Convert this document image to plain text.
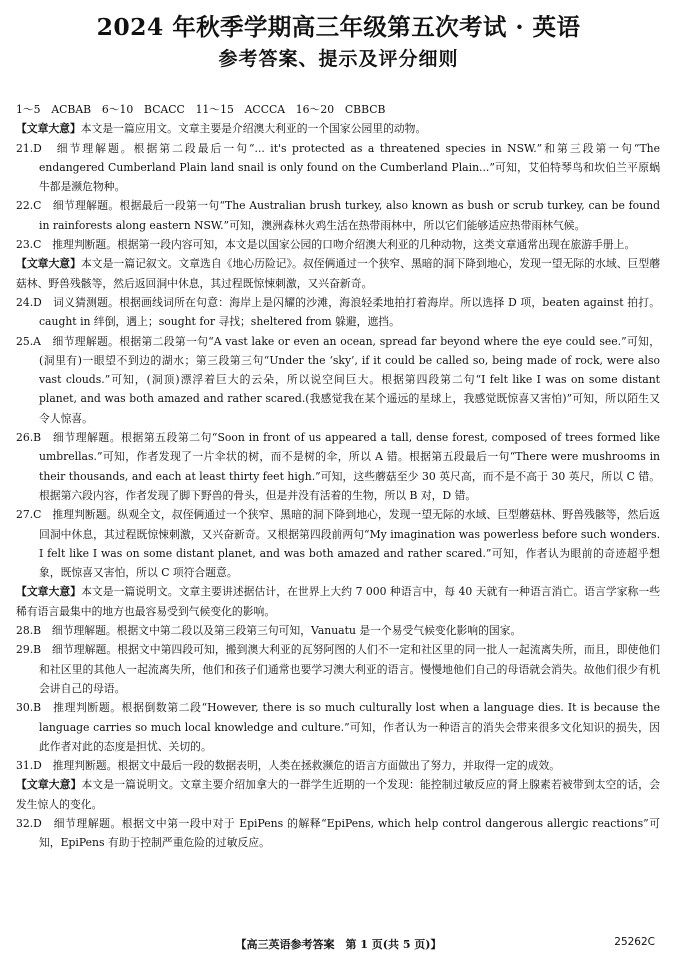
2024 年秋季学期高三年级第五次考试 · 英语
参考答案、提示及评分细则

1～5　ACBAB　6～10　BCACC　11～15　ACCCA　16～20　CBBCB

【文章大意】本文是一篇应用文。文章主要是介绍澳大利亚的一个国家公园里的动物。

21.D　 细节理解题。根据第二段最后一句“... it's protected as a threatened species in NSW.”和第三段第一句“The endangered Cumberland Plain land snail is only found on the Cumberland Plain...”可知，艾伯特琴鸟和坎伯兰平原蜗牛都是濒危物种。

22.C　 细节理解题。根据最后一段第一句“The Australian brush turkey, also known as bush or scrub turkey, can be found in rainforests along eastern NSW.”可知，澳洲森林火鸡生活在热带雨林中，所以它们能够适应热带雨林气候。

23.C　 推理判断题。根据第一段内容可知，本文是以国家公园的口吻介绍澳大利亚的几种动物，这类文章通常出现在旅游手册上。

【文章大意】本文是一篇记叙文。文章选自《地心历险记》。叔侄俩通过一个狭窄、黑暗的洞下降到地心，发现一望无际的水域、巨型蘑菇林、野兽残骸等，然后返回洞中休息，其过程既惊悚刺激，又兴奋新奇。

24.D　 词义猜测题。根据画线词所在句意：海岸上是闪耀的沙滩，海浪轻柔地拍打着海岸。所以选择 D 项，beaten against 拍打。caught in 绊倒，遇上；sought for 寻找；sheltered from 躲避，遮挡。

25.A　 细节理解题。根据第二段第一句“A vast lake or even an ocean, spread far beyond where the eye could see.”可知，(洞里有)一眼望不到边的湖水；第三段第三句“Under the ‘sky’, if it could be called so, being made of rock, were also vast clouds.”可知，(洞顶)漂浮着巨大的云朵，所以说空间巨大。根据第四段第二句“I felt like I was on some distant planet, and was both amazed and rather scared.(我感觉我在某个遥远的星球上，我感觉既惊喜又害怕)”可知，所以陌生又令人惊喜。

26.B　 细节理解题。根据第五段第二句“Soon in front of us appeared a tall, dense forest, composed of trees formed like umbrellas.”可知，作者发现了一片伞状的树，而不是树的伞，所以 A 错。根据第五段最后一句“There were mushrooms in their thousands, and each at least thirty feet high.”可知，这些蘑菇至少 30 英尺高，而不是不高于 30 英尺，所以 C 错。根据第六段内容，作者发现了脚下野兽的骨头，但是并没有活着的生物，所以 B 对，D 错。

27.C　 推理判断题。纵观全文，叔侄俩通过一个狭窄、黑暗的洞下降到地心，发现一望无际的水域、巨型蘑菇林、野兽残骸等，然后返回洞中休息，其过程既惊悚刺激，又兴奋新奇。又根据第四段前两句“My imagination was powerless before such wonders. I felt like I was on some distant planet, and was both amazed and rather scared.”可知，作者认为眼前的奇迹超乎想象，既惊喜又害怕，所以 C 项符合题意。

【文章大意】本文是一篇说明文。文章主要讲述据估计，在世界上大约 7 000 种语言中，每 40 天就有一种语言消亡。语言学家称一些稀有语言最集中的地方也最容易受到气候变化的影响。

28.B　 细节理解题。根据文中第二段以及第三段第三句可知，Vanuatu 是一个易受气候变化影响的国家。

29.B　 细节理解题。根据文中第四段可知，搬到澳大利亚的瓦努阿图的人们不一定和社区里的同一批人一起流离失所，而且，即使他们和社区里的其他人一起流离失所，他们和孩子们通常也要学习澳大利亚的语言。慢慢地他们自己的母语就会消失。故他们很少有机会讲自己的母语。

30.B　 推理判断题。根据倒数第二段“However, there is so much culturally lost when a language dies. It is because the language carries so much local knowledge and culture.”可知，作者认为一种语言的消失会带来很多文化知识的损失，因此作者对此的态度是担忧、关切的。

31.D　 推理判断题。根据文中最后一段的数据表明，人类在拯救濒危的语言方面做出了努力，并取得一定的成效。

【文章大意】本文是一篇说明文。文章主要介绍加拿大的一群学生近期的一个发现：能控制过敏反应的肾上腺素若被带到太空的话，会发生惊人的变化。

32.D　 细节理解题。根据文中第一段中对于 EpiPens 的解释“EpiPens, which help control dangerous allergic reactions”可知，EpiPens 有助于控制严重危险的过敏反应。

【高三英语参考答案　第 1 页(共 5 页)】	25262C
